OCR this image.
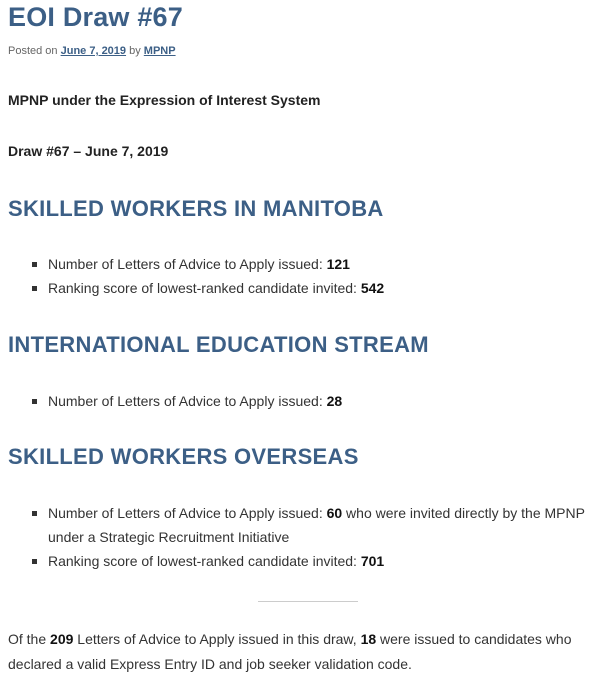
EOI Draw #67
Posted on June 7, 2019 by MPNP
MPNP under the Expression of Interest System
Draw #67 – June 7, 2019
SKILLED WORKERS IN MANITOBA
Number of Letters of Advice to Apply issued: 121
Ranking score of lowest-ranked candidate invited: 542
INTERNATIONAL EDUCATION STREAM
Number of Letters of Advice to Apply issued: 28
SKILLED WORKERS OVERSEAS
Number of Letters of Advice to Apply issued: 60 who were invited directly by the MPNP under a Strategic Recruitment Initiative
Ranking score of lowest-ranked candidate invited: 701
Of the 209 Letters of Advice to Apply issued in this draw, 18 were issued to candidates who declared a valid Express Entry ID and job seeker validation code.
